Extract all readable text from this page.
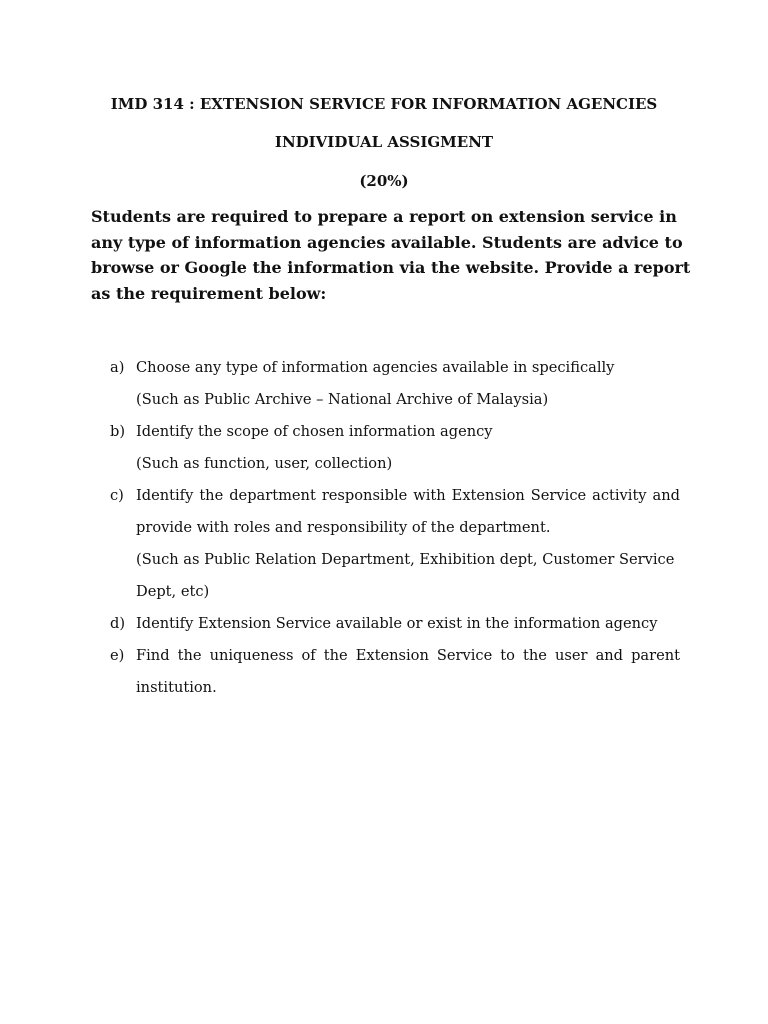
IMD 314 : EXTENSION SERVICE FOR INFORMATION AGENCIES
INDIVIDUAL ASSIGMENT
(20%)
Students are required to prepare a report on extension service in any type of information agencies available. Students are advice to browse or Google the information via the website. Provide a report as the requirement below:
a) Choose any type of information agencies available in specifically
(Such as Public Archive – National Archive of Malaysia)
b) Identify the scope of chosen information agency
(Such as function, user, collection)
c) Identify the department responsible with Extension Service activity and provide with roles and responsibility of the department.
(Such as Public Relation Department, Exhibition dept, Customer Service Dept, etc)
d) Identify Extension Service available or exist in the information agency
e) Find the uniqueness of the Extension Service to the user and parent institution.
